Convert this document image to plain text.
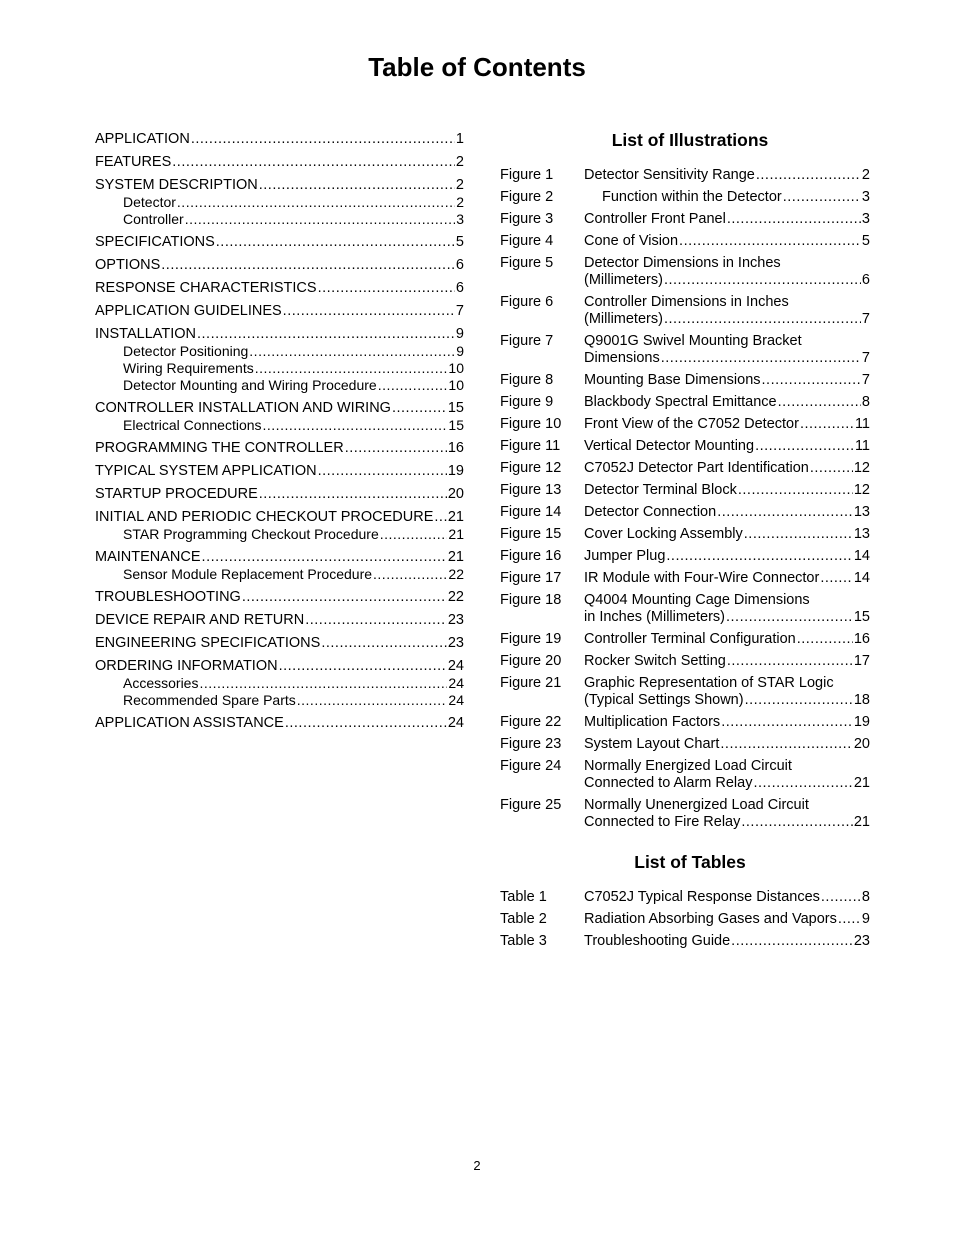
Table of Contents
APPLICATION .....	1
FEATURES .....	2
SYSTEM DESCRIPTION .....	2
Detector .....	2
Controller .....	3
SPECIFICATIONS .....	5
OPTIONS .....	6
RESPONSE CHARACTERISTICS .....	6
APPLICATION GUIDELINES .....	7
INSTALLATION .....	9
Detector Positioning .....	9
Wiring Requirements .....	10
Detector Mounting and Wiring Procedure .....	10
CONTROLLER INSTALLATION AND WIRING .....	15
Electrical Connections .....	15
PROGRAMMING THE CONTROLLER .....	16
TYPICAL SYSTEM APPLICATION .....	19
STARTUP PROCEDURE .....	20
INITIAL AND PERIODIC CHECKOUT PROCEDURE ..... 21
STAR Programming Checkout Procedure .....	21
MAINTENANCE .....	21
Sensor Module Replacement Procedure .....	22
TROUBLESHOOTING .....	22
DEVICE REPAIR AND RETURN .....	23
ENGINEERING SPECIFICATIONS .....	23
ORDERING INFORMATION .....	24
Accessories .....	24
Recommended Spare Parts .....	24
APPLICATION ASSISTANCE .....	24
List of Illustrations
Figure 1	Detector Sensitivity Range .....	2
Figure 2	Function within the Detector .....	3
Figure 3	Controller Front Panel .....	3
Figure 4	Cone of Vision .....	5
Figure 5	Detector Dimensions in Inches
(Millimeters) .....	6
Figure 6	Controller Dimensions in Inches
(Millimeters) .....	7
Figure 7	Q9001G Swivel Mounting Bracket
Dimensions .....	7
Figure 8	Mounting Base Dimensions .....	7
Figure 9	Blackbody Spectral Emittance .....	8
Figure 10	Front View of the C7052 Detector .....	11
Figure 11	Vertical Detector Mounting .....	11
Figure 12	C7052J Detector Part Identification .....	12
Figure 13	Detector Terminal Block .....	12
Figure 14	Detector Connection .....	13
Figure 15	Cover Locking Assembly .....	13
Figure 16	Jumper Plug .....	14
Figure 17	IR Module with Four-Wire Connector ..... 14
Figure 18	Q4004 Mounting Cage Dimensions
in Inches (Millimeters) .....	15
Figure 19	Controller Terminal Configuration .....	16
Figure 20	Rocker Switch Setting .....	17
Figure 21	Graphic Representation of STAR Logic
(Typical Settings Shown) .....	18
Figure 22	Multiplication Factors .....	19
Figure 23	System Layout Chart .....	20
Figure 24	Normally Energized Load Circuit
Connected to Alarm Relay .....	21
Figure 25	Normally Unenergized Load Circuit
Connected to Fire Relay .....	21
List of Tables
Table 1	C7052J Typical Response Distances .....	8
Table 2	Radiation Absorbing Gases and Vapors ..... 9
Table 3	Troubleshooting Guide .....	23
2
